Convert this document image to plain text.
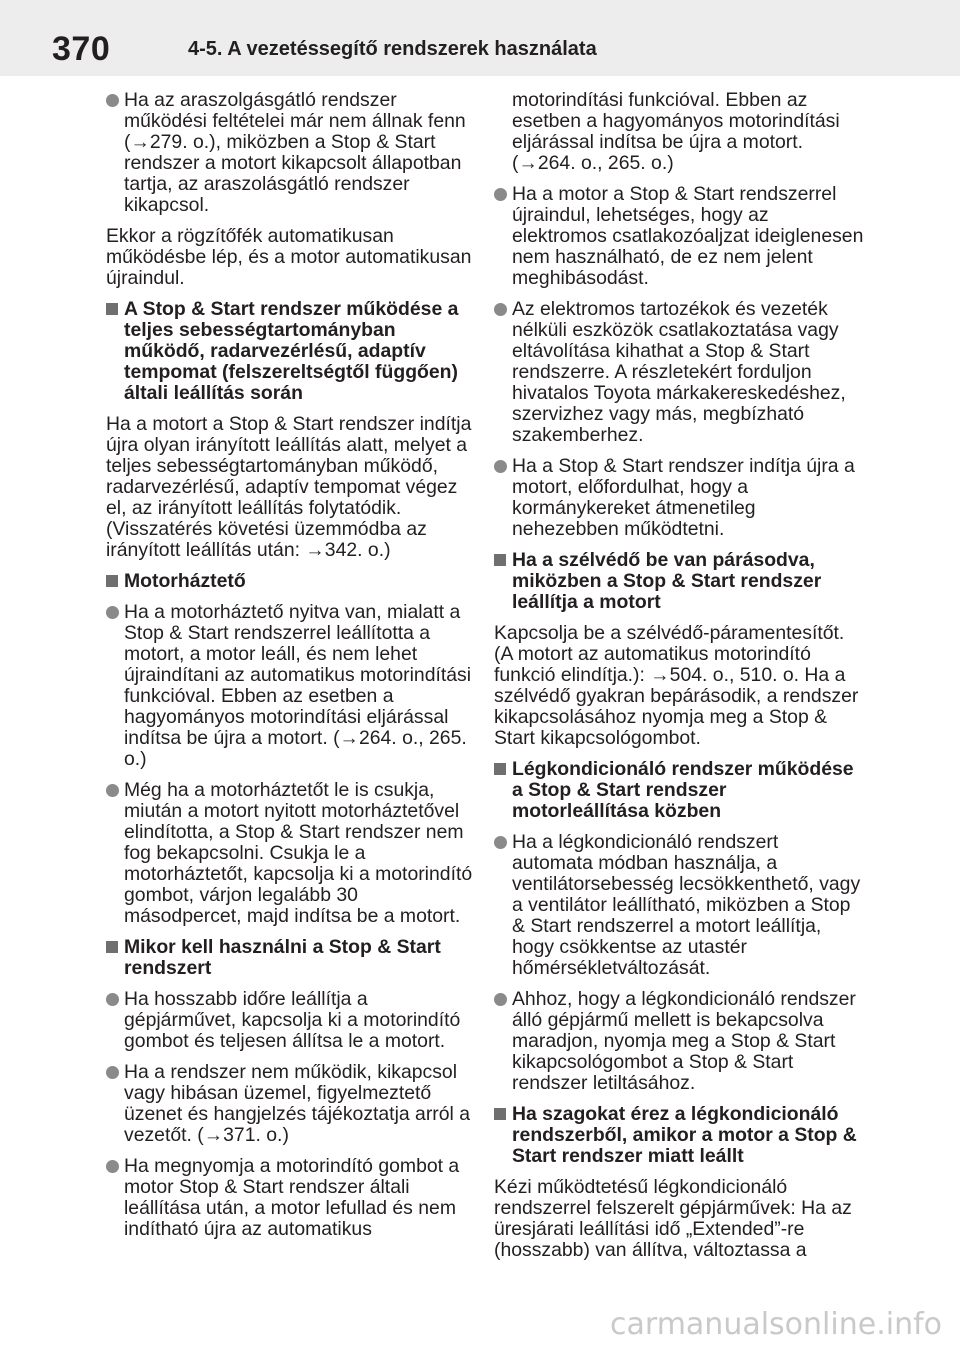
370	4-5. A vezetéssegítő rendszerek használata
Ha az araszolgásgátló rendszer működési feltételei már nem állnak fenn (→279. o.), miközben a Stop & Start rendszer a motort kikapcsolt állapotban tartja, az araszolásgátló rendszer kikapcsol.
Ekkor a rögzítőfék automatikusan működésbe lép, és a motor automatikusan újraindul.
A Stop & Start rendszer működése a teljes sebességtartományban működő, radarvezérlésű, adaptív tempomat (felszereltségtől függően) általi leállítás során
Ha a motort a Stop & Start rendszer indítja újra olyan irányított leállítás alatt, melyet a teljes sebességtartományban működő, radarvezérlésű, adaptív tempomat végez el, az irányított leállítás folytatódik. (Visszatérés követési üzemmódba az irányított leállítás után: →342. o.)
Motorháztető
Ha a motorháztető nyitva van, mialatt a Stop & Start rendszerrel leállította a motort, a motor leáll, és nem lehet újraindítani az automatikus motorindítási funkcióval. Ebben az esetben a hagyományos motorindítási eljárással indítsa be újra a motort. (→264. o., 265. o.)
Még ha a motorháztetőt le is csukja, miután a motort nyitott motorháztetővel elindította, a Stop & Start rendszer nem fog bekapcsolni. Csukja le a motorháztetőt, kapcsolja ki a motorindító gombot, várjon legalább 30 másodpercet, majd indítsa be a motort.
Mikor kell használni a Stop & Start rendszert
Ha hosszabb időre leállítja a gépjárművet, kapcsolja ki a motorindító gombot és teljesen állítsa le a motort.
Ha a rendszer nem működik, kikapcsol vagy hibásan üzemel, figyelmeztető üzenet és hangjelzés tájékoztatja arról a vezetőt. (→371. o.)
Ha megnyomja a motorindító gombot a motor Stop & Start rendszer általi leállítása után, a motor lefullad és nem indítható újra az automatikus
motorindítási funkcióval. Ebben az esetben a hagyományos motorindítási eljárással indítsa be újra a motort. (→264. o., 265. o.)
Ha a motor a Stop & Start rendszerrel újraindul, lehetséges, hogy az elektromos csatlakozóaljzat ideiglenesen nem használható, de ez nem jelent meghibásodást.
Az elektromos tartozékok és vezeték nélküli eszközök csatlakoztatása vagy eltávolítása kihathat a Stop & Start rendszerre. A részletekért forduljon hivatalos Toyota márkakereskedéshez, szervizhez vagy más, megbízható szakemberhez.
Ha a Stop & Start rendszer indítja újra a motort, előfordulhat, hogy a kormánykereket átmenetileg nehezebben működtetni.
Ha a szélvédő be van párásodva, miközben a Stop & Start rendszer leállítja a motort
Kapcsolja be a szélvédő-páramentesítőt. (A motort az automatikus motorindító funkció elindítja.): →504. o., 510. o. Ha a szélvédő gyakran bepárásodik, a rendszer kikapcsolásához nyomja meg a Stop & Start kikapcsológombot.
Légkondicionáló rendszer működése a Stop & Start rendszer motorleállítása közben
Ha a légkondicionáló rendszert automata módban használja, a ventilátorsebesség lecsökkenthető, vagy a ventilátor leállítható, miközben a Stop & Start rendszerrel a motort leállítja, hogy csökkentse az utastér hőmérsékletváltozását.
Ahhoz, hogy a légkondicionáló rendszer álló gépjármű mellett is bekapcsolva maradjon, nyomja meg a Stop & Start kikapcsológombot a Stop & Start rendszer letiltásához.
Ha szagokat érez a légkondicionáló rendszerből, amikor a motor a Stop & Start rendszer miatt leállt
Kézi működtetésű légkondicionáló rendszerrel felszerelt gépjárművek: Ha az üresjárati leállítási idő „Extended”-re (hosszabb) van állítva, változtassa a
carmanualsonline.info
